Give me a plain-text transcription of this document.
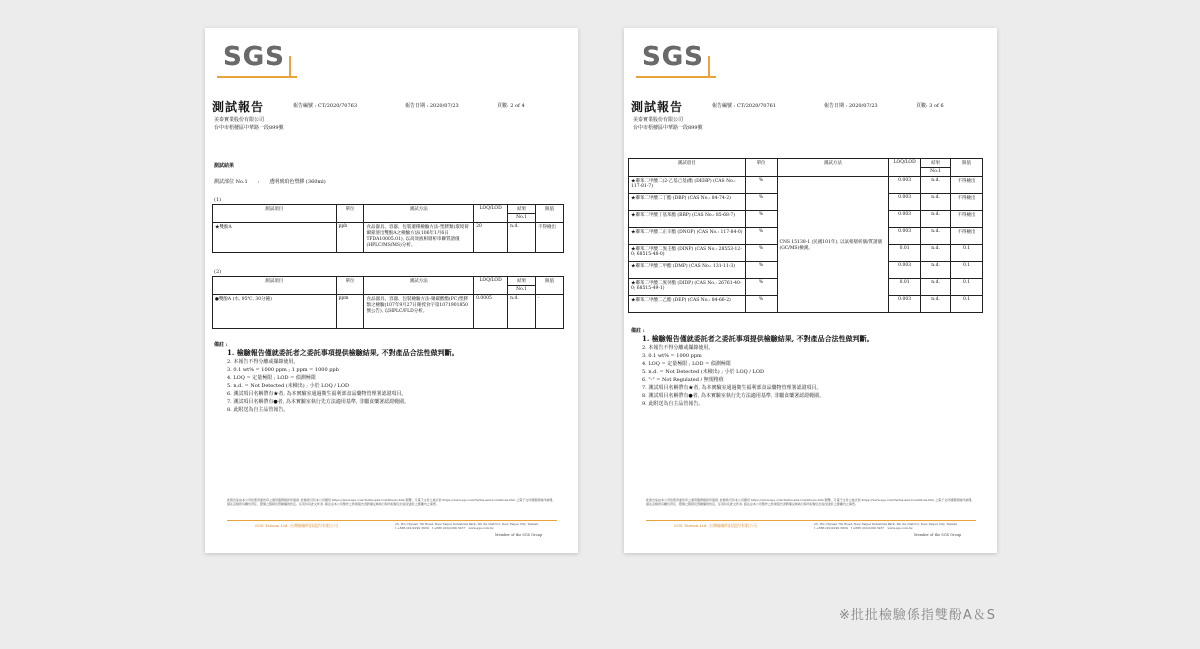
SGS
測試報告	報告編號 : CT/2020/70763	報告日期 : 2020/07/23	頁數: 2 of 4
美泰實業股份有限公司
台中市梧棲區中華路一段899號
測試結果
測試部位 No.1　　:　　透明琥珀色塑膠 (360ml)
(1)
測試項目	單位	測試方法	LOQ/LOD	結果	限值
				No.1	
★雙酚A	ppb	食品器具、容器、包裝遷積檢驗方法-塑膠類(環境荷爾蒙溶出雙酚A之檢驗方法(106年1月6日TFDA10005.01), 以高效液相層析串聯質譜儀(HPLC/MS/MS)分析。	20	n.d.	不得檢出
(2)
測試項目	單位	測試方法	LOQ/LOD	結果	限值
				No.1	
●雙酚A (水, 95℃, 30分鐘)	ppm	食品器具、容器、包裝檢驗方法-聚碳酸酯(PC)塑膠類之檢驗(107年9月27日衛授食字第1071901850號公告), 以HPLC/FLD分析。	0.0005	n.d.	-
備註 :
1. 檢驗報告僅就委託者之委託事項提供檢驗結果, 不對產品合法性做判斷。
2. 本報告不得分離或擷錄使用。
3. 0.1 wt% = 1000 ppm ; 1 ppm = 1000 ppb
4. LOQ = 定量極限 ; LOD = 偵測極限
5. n.d. = Not Detected (未檢出) ; 小於 LOQ / LOD
6. 測試項目名稱帶有★者, 為本實驗室通過衛生福利部食品藥物管理署認證項目。
7. 測試項目名稱帶有●者, 為本實驗室執行先方法適用基準, 非屬食藥署認證範圍。
8. 此附送為自主品管報告。
此報告係由本公司依照背面所印之通用服務條款所簽發, 此條款可於本公司網頁 https://www.sgs.com/Terms-and-Conditions.htm 閱覽。凡電子文件之格式依 https://www.sgs.com/Terms-and-Conditions.htm 之電子文件期限與條件處理。請注意條款有關於責任、賠償之限制及管轄權的約定。任何持有此文件者, 請注意本公司製作之結果報告書將僅反映執行時所紀錄且於接受委託之範圍內之事實。
SGS Taiwan Ltd. 台灣檢驗科技股份有限公司	25, Wu Chyuan 7th Road, New Taipei Industrial Park, Wu Ku District, New Taipei City, Taiwan
t +886 (02)2299 3939　f +886 (02)2299 3237　www.sgs.com.tw
Member of the SGS Group
SGS
測試報告	報告編號 : CT/2020/70761	報告日期 : 2020/07/23	頁數: 3 of 6
美泰實業股份有限公司
台中市梧棲區中華路一段899號
測試項目	單位	測試方法	LOQ/LOD	結果	限值
				No.1	
★鄰苯二甲酸二(2-乙基己基)酯 (DEHP) (CAS No.: 117-81-7)	%	CNS 15138-1 (民國101年), 以氣相層析儀/質譜儀(GC/MS)檢測。	0.003	n.d.	不得檢出
★鄰苯二甲酸二丁酯 (DBP) (CAS No.: 84-74-2)	%		0.003	n.d.	不得檢出
★鄰苯二甲酸丁基苯酯 (BBP) (CAS No.: 85-68-7)	%		0.003	n.d.	不得檢出
★鄰苯二甲酸二正辛酯 (DNOP) (CAS No.: 117-84-0)	%		0.003	n.d.	不得檢出
★鄰苯二甲酸二異壬酯 (DINP) (CAS No.: 28553-12-0; 68515-48-0)	%		0.01	n.d.	0.1
★鄰苯二甲酸二甲酯 (DMP) (CAS No.: 131-11-3)	%		0.003	n.d.	0.1
★鄰苯二甲酸二異癸酯 (DIDP) (CAS No.: 26761-40-0; 68515-49-1)	%		0.01	n.d.	0.1
★鄰苯二甲酸二乙酯 (DEP) (CAS No.: 84-66-2)	%		0.003	n.d.	0.1
備註 :
1. 檢驗報告僅就委託者之委託事項提供檢驗結果, 不對產品合法性做判斷。
2. 本報告不得分離或擷錄使用。
3. 0.1 wt% = 1000 ppm
4. LOQ = 定量極限 ; LOD = 偵測極限
5. n.d. = Not Detected (未檢出) ; 小於 LOQ / LOD
6. "-" = Not Regulated / 無規格值
7. 測試項目名稱帶有★者, 為本實驗室通過衛生福利部食品藥物管理署認證項目。
8. 測試項目名稱帶有●者, 為本實驗室執行先方法適用基準, 非屬食藥署認證範圍。
9. 此附送為自主品管報告。
此報告係由本公司依照背面所印之通用服務條款所簽發, 此條款可於本公司網頁 https://www.sgs.com/Terms-and-Conditions.htm 閱覽。凡電子文件之格式依 https://www.sgs.com/Terms-and-Conditions.htm 之電子文件期限與條件處理。請注意條款有關於責任、賠償之限制及管轄權的約定。任何持有此文件者, 請注意本公司製作之結果報告書將僅反映執行時所紀錄且於接受委託之範圍內之事實。
SGS Taiwan Ltd. 台灣檢驗科技股份有限公司	25, Wu Chyuan 7th Road, New Taipei Industrial Park, Wu Ku District, New Taipei City, Taiwan
t +886 (02)2299 3939　f +886 (02)2299 3237　www.sgs.com.tw
Member of the SGS Group
※批批檢驗係指雙酚A＆S
